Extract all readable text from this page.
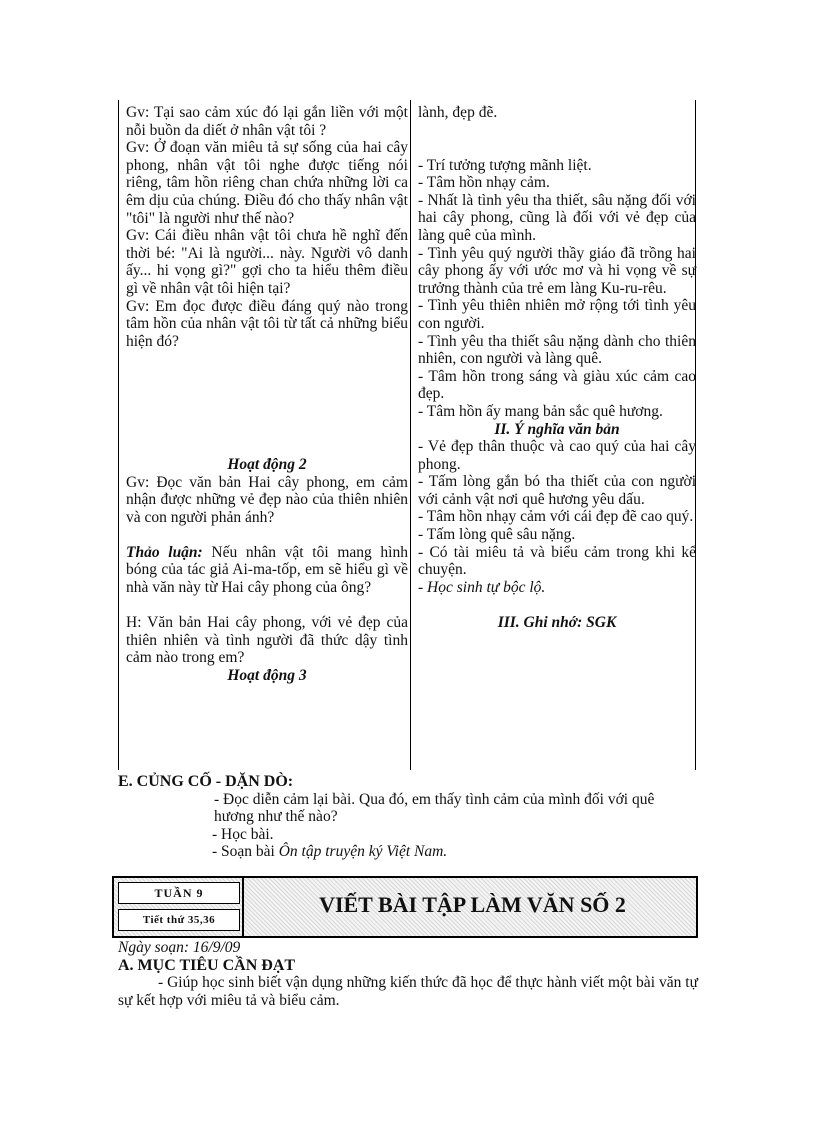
Gv: Tại sao cảm xúc đó lại gắn liền với một nỗi buồn da diết ở nhân vật tôi ?

Gv: Ở đoạn văn miêu tả sự sống của hai cây phong, nhân vật tôi nghe được tiếng nói riêng, tâm hồn riêng chan chứa những lời ca êm dịu của chúng. Điều đó cho thấy nhân vật "tôi" là người như thế nào?

Gv: Cái điều nhân vật tôi chưa hề nghĩ đến thời bé: "Ai là người... này. Người vô danh ấy... hi vọng gì?" gợi cho ta hiểu thêm điều gì về nhân vật tôi hiện tại?

Gv: Em đọc được điều đáng quý nào trong tâm hồn của nhân vật tôi từ tất cả những biểu hiện đó?

Hoạt động 2

Gv: Đọc văn bản Hai cây phong, em cảm nhận được những vẻ đẹp nào của thiên nhiên và con người phản ánh?

Thảo luận: Nếu nhân vật tôi mang hình bóng của tác giả Ai-ma-tốp, em sẽ hiểu gì về nhà văn này từ Hai cây phong của ông?

H: Văn bản Hai cây phong, với vẻ đẹp của thiên nhiên và tình người đã thức dậy tình cảm nào trong em?

Hoạt động 3

lành, đẹp đẽ.

- Trí tưởng tượng mãnh liệt.

- Tâm hồn nhạy cảm.

- Nhất là tình yêu tha thiết, sâu nặng đối với hai cây phong, cũng là đối với vẻ đẹp của làng quê của mình.

- Tình yêu quý người thầy giáo đã trồng hai cây phong ấy với ước mơ và hi vọng về sự trưởng thành của trẻ em làng Ku-ru-rêu.

- Tình yêu thiên nhiên mở rộng tới tình yêu con người.

- Tình yêu tha thiết sâu nặng dành cho thiên nhiên, con người và làng quê.

- Tâm hồn trong sáng và giàu xúc cảm cao đẹp.

- Tâm hồn ấy mang bản sắc quê hương.

II. Ý nghĩa văn bản

- Vẻ đẹp thân thuộc và cao quý của hai cây phong.

- Tấm lòng gắn bó tha thiết của con người với cảnh vật nơi quê hương yêu dấu.

- Tâm hồn nhạy cảm với cái đẹp đẽ cao quý.

- Tấm lòng quê sâu nặng.

- Có tài miêu tả và biểu cảm trong khi kể chuyện.

- Học sinh tự bộc lộ.

III. Ghi nhớ: SGK

E. CỦNG CỐ - DẶN DÒ:

- Đọc diễn cảm lại bài. Qua đó, em thấy tình cảm của mình đối với quê hương như thế nào?

- Học bài.

- Soạn bài Ôn tập truyện ký Việt Nam.

TUẦN 9
Tiết thứ 35,36
VIẾT BÀI TẬP LÀM VĂN SỐ 2

Ngày soạn: 16/9/09

A. MỤC TIÊU CẦN ĐẠT

- Giúp học sinh biết vận dụng những kiến thức đã học để thực hành viết một bài văn tự sự kết hợp với miêu tả và biểu cảm.
